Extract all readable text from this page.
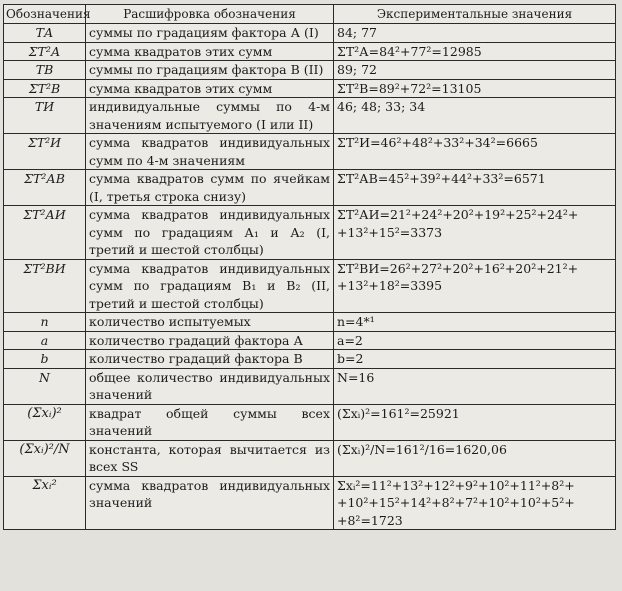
Обозначения	Расшифровка обозначения	Экспериментальные значения
TА	суммы по градациям фактора А (I)	84; 77
ΣT²А	сумма квадратов этих сумм	ΣT²А=84²+77²=12985
TВ	суммы по градациям фактора В (II)	89; 72
ΣT²В	сумма квадратов этих сумм	ΣT²В=89²+72²=13105
TИ	индивидуальные суммы по 4-м значениям испытуемого (I или II)	46; 48; 33; 34
ΣT²И	сумма квадратов индивидуальных сумм по 4-м значениям	ΣT²И=46²+48²+33²+34²=6665
ΣT²АВ	сумма квадратов сумм по ячейкам (I, третья строка снизу)	ΣT²АВ=45²+39²+44²+33²=6571
ΣT²АИ	сумма квадратов индивидуальных сумм по градациям А₁ и А₂ (I, третий и шестой столбцы)	ΣT²АИ=21²+24²+20²+19²+25²+24²+ +13²+15²=3373
ΣT²ВИ	сумма квадратов индивидуальных сумм по градациям В₁ и В₂ (II, третий и шестой столбцы)	ΣT²ВИ=26²+27²+20²+16²+20²+21²+ +13²+18²=3395
n	количество испытуемых	n=4*¹
a	количество градаций фактора А	a=2
b	количество градаций фактора В	b=2
N	общее количество индивидуальных значений	N=16
(Σxᵢ)²	квадрат общей суммы всех значений	(Σxᵢ)²=161²=25921
(Σxᵢ)²/N	константа, которая вычитается из всех SS	(Σxᵢ)²/N=161²/16=1620,06
Σxᵢ²	сумма квадратов индивидуальных значений	Σxᵢ²=11²+13²+12²+9²+10²+11²+8²+ +10²+15²+14²+8²+7²+10²+10²+5²+ +8²=1723
